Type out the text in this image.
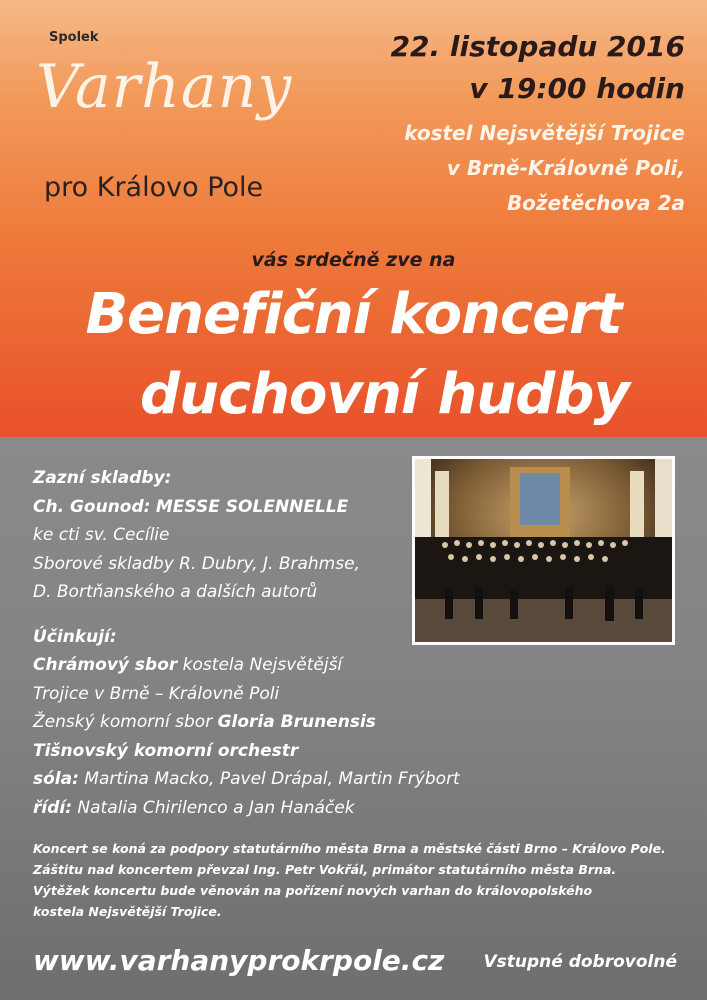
Spolek
Varhany
pro Královo Pole
22. listopadu 2016
v 19:00 hodin
kostel Nejsvětější Trojice
v Brně-Královně Poli,
Božetěchova 2a
vás srdečně zve na
Benefiční koncert
duchovní hudby
Zazní skladby:
Ch. Gounod: MESSE SOLENNELLE
ke cti sv. Cecílie
Sborové skladby R. Dubry, J. Brahmse,
D. Bortňanského a dalších autorů
Účinkují:
Chrámový sbor kostela Nejsvětější
Trojice v Brně – Královně Poli
Ženský komorní sbor Gloria Brunensis
Tišnovský komorní orchestr
sóla: Martina Macko, Pavel Drápal, Martin Frýbort
řídí: Natalia Chirilenco a Jan Hanáček
Koncert se koná za podpory statutárního města Brna a městské části Brno – Královo Pole.
Záštitu nad koncertem převzal Ing. Petr Vokřál, primátor statutárního města Brna.
Výtěžek koncertu bude věnován na pořízení nových varhan do královopolského
kostela Nejsvětější Trojice.
www.varhanyprokrpole.cz Vstupné dobrovolné
